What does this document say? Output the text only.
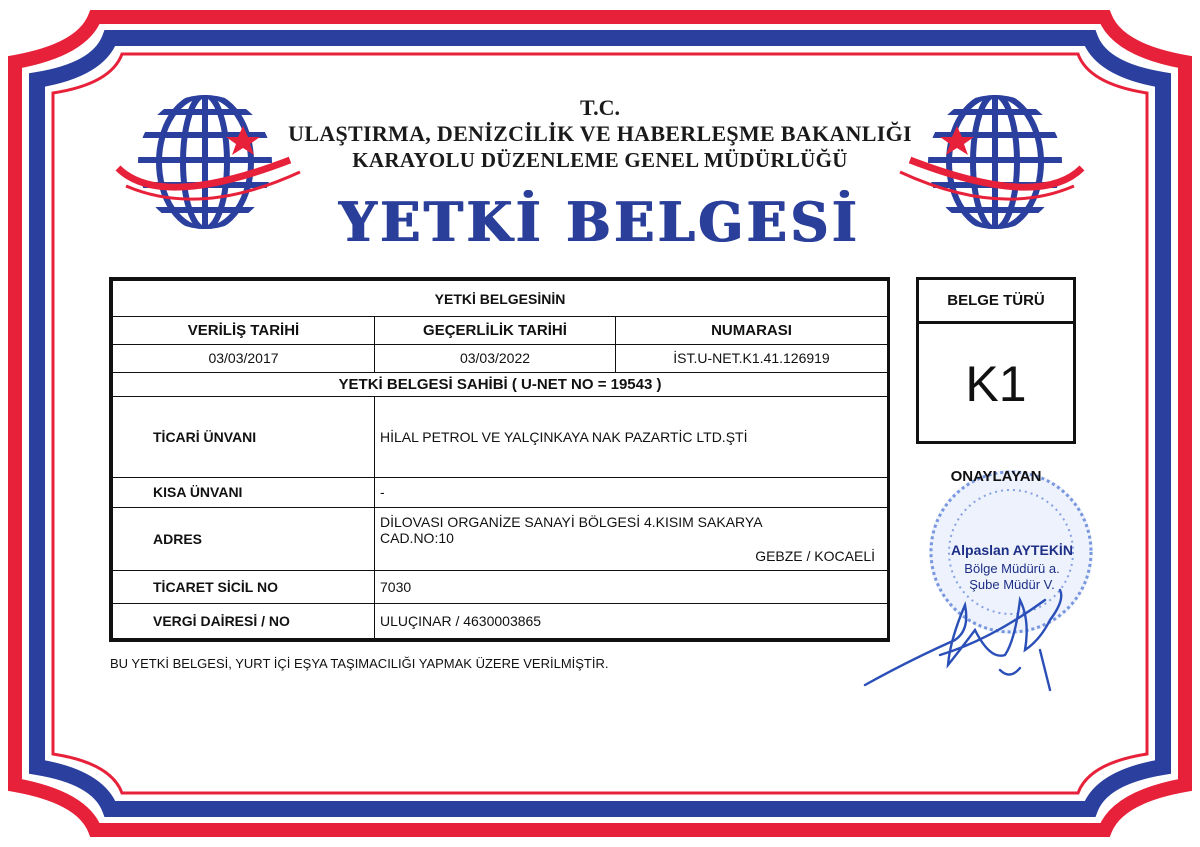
T.C.
ULAŞTIRMA, DENİZCİLİK VE HABERLEŞME BAKANLIĞI
KARAYOLU DÜZENLEME GENEL MÜDÜRLÜĞÜ
YETKİ BELGESİ
YETKİ BELGESİNİN		
VERİLİŞ TARİHİ	GEÇERLİLİK TARİHİ	NUMARASI
03/03/2017	03/03/2022	İST.U-NET.K1.41.126919
YETKİ BELGESİ SAHİBİ ( U-NET NO = 19543 )		
TİCARİ ÜNVANI	HİLAL PETROL VE YALÇINKAYA NAK PAZARTİC LTD.ŞTİ	
KISA ÜNVANI	-	
ADRES	DİLOVASI ORGANİZE SANAYİ BÖLGESİ 4.KISIM SAKARYA
CAD.NO:10
GEBZE / KOCAELİ	

TİCARET SİCİL NO	7030	
VERGİ DAİRESİ / NO	ULUÇINAR / 4630003865	
BELGE TÜRÜ
K1
ONAYLAYAN
Alpaslan AYTEKİN
Bölge Müdürü a.
Şube Müdür V.
BU YETKİ BELGESİ, YURT İÇİ EŞYA TAŞIMACILIĞI YAPMAK ÜZERE VERİLMİŞTİR.
